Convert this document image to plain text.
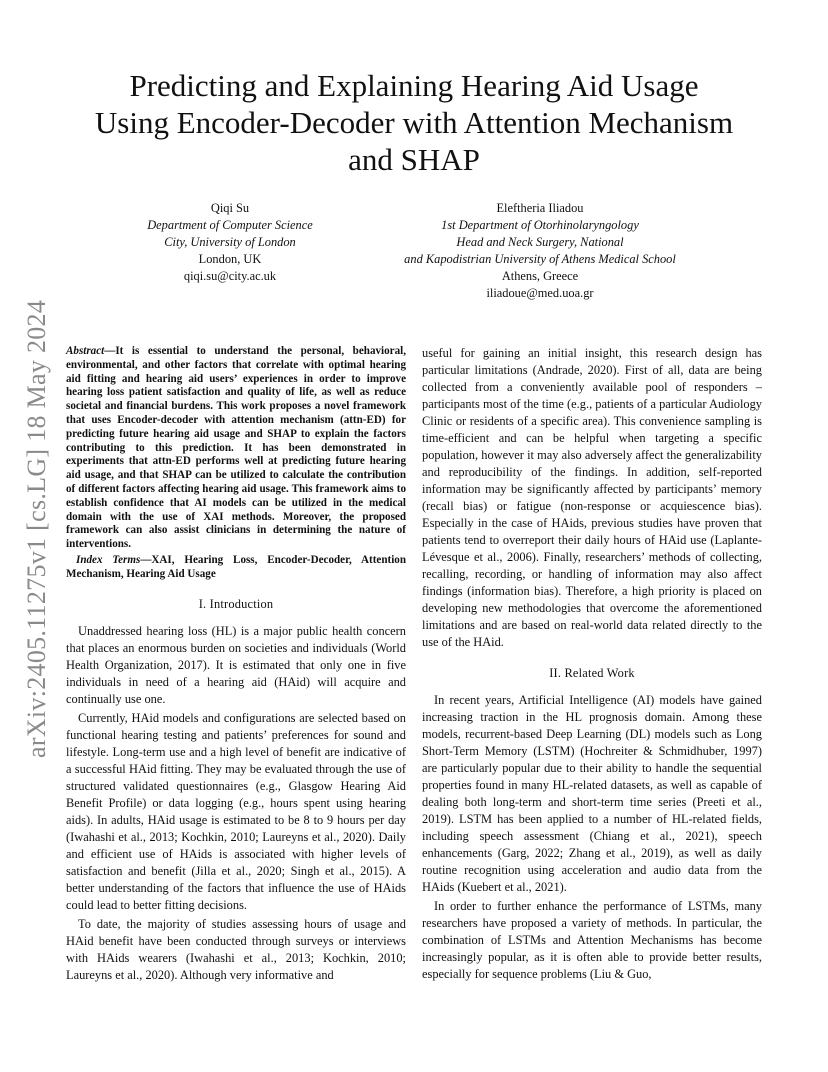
arXiv:2405.11275v1 [cs.LG] 18 May 2024
Predicting and Explaining Hearing Aid Usage
Using Encoder-Decoder with Attention Mechanism
and SHAP
Qiqi Su
Department of Computer Science
City, University of London
London, UK
qiqi.su@city.ac.uk
Eleftheria Iliadou
1st Department of Otorhinolaryngology
Head and Neck Surgery, National
and Kapodistrian University of Athens Medical School
Athens, Greece
iliadoue@med.uoa.gr

Abstract—It is essential to understand the personal, behavioral, environmental, and other factors that correlate with optimal hearing aid fitting and hearing aid users’ experiences in order to improve hearing loss patient satisfaction and quality of life, as well as reduce societal and financial burdens. This work proposes a novel framework that uses Encoder-decoder with attention mechanism (attn-ED) for predicting future hearing aid usage and SHAP to explain the factors contributing to this prediction. It has been demonstrated in experiments that attn-ED performs well at predicting future hearing aid usage, and that SHAP can be utilized to calculate the contribution of different factors affecting hearing aid usage. This framework aims to establish confidence that AI models can be utilized in the medical domain with the use of XAI methods. Moreover, the proposed framework can also assist clinicians in determining the nature of interventions.

Index Terms—XAI, Hearing Loss, Encoder-Decoder, Attention Mechanism, Hearing Aid Usage

I. Introduction

Unaddressed hearing loss (HL) is a major public health concern that places an enormous burden on societies and individuals (World Health Organization, 2017). It is estimated that only one in five individuals in need of a hearing aid (HAid) will acquire and continually use one.

Currently, HAid models and configurations are selected based on functional hearing testing and patients’ preferences for sound and lifestyle. Long-term use and a high level of benefit are indicative of a successful HAid fitting. They may be evaluated through the use of structured validated questionnaires (e.g., Glasgow Hearing Aid Benefit Profile) or data logging (e.g., hours spent using hearing aids). In adults, HAid usage is estimated to be 8 to 9 hours per day (Iwahashi et al., 2013; Kochkin, 2010; Laureyns et al., 2020). Daily and efficient use of HAids is associated with higher levels of satisfaction and benefit (Jilla et al., 2020; Singh et al., 2015). A better understanding of the factors that influence the use of HAids could lead to better fitting decisions.

To date, the majority of studies assessing hours of usage and HAid benefit have been conducted through surveys or interviews with HAids wearers (Iwahashi et al., 2013; Kochkin, 2010; Laureyns et al., 2020). Although very informative and

useful for gaining an initial insight, this research design has particular limitations (Andrade, 2020). First of all, data are being collected from a conveniently available pool of responders – participants most of the time (e.g., patients of a particular Audiology Clinic or residents of a specific area). This convenience sampling is time-efficient and can be helpful when targeting a specific population, however it may also adversely affect the generalizability and reproducibility of the findings. In addition, self-reported information may be significantly affected by participants’ memory (recall bias) or fatigue (non-response or acquiescence bias). Especially in the case of HAids, previous studies have proven that patients tend to overreport their daily hours of HAid use (Laplante-Lévesque et al., 2006). Finally, researchers’ methods of collecting, recalling, recording, or handling of information may also affect findings (information bias). Therefore, a high priority is placed on developing new methodologies that overcome the aforementioned limitations and are based on real-world data related directly to the use of the HAid.

II. Related Work

In recent years, Artificial Intelligence (AI) models have gained increasing traction in the HL prognosis domain. Among these models, recurrent-based Deep Learning (DL) models such as Long Short-Term Memory (LSTM) (Hochreiter & Schmidhuber, 1997) are particularly popular due to their ability to handle the sequential properties found in many HL-related datasets, as well as capable of dealing both long-term and short-term time series (Preeti et al., 2019). LSTM has been applied to a number of HL-related fields, including speech assessment (Chiang et al., 2021), speech enhancements (Garg, 2022; Zhang et al., 2019), as well as daily routine recognition using acceleration and audio data from the HAids (Kuebert et al., 2021).

In order to further enhance the performance of LSTMs, many researchers have proposed a variety of methods. In particular, the combination of LSTMs and Attention Mechanisms has become increasingly popular, as it is often able to provide better results, especially for sequence problems (Liu & Guo,
